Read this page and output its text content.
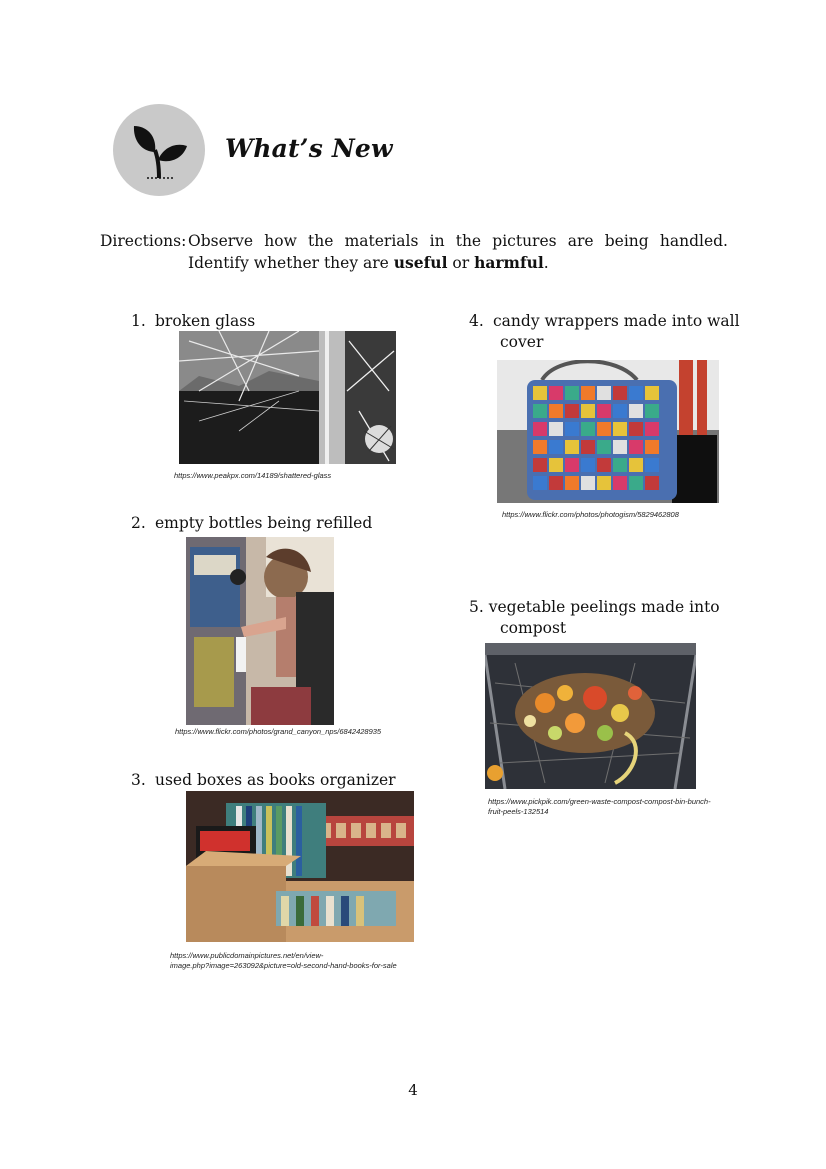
What’s New
Directions: Observe how the materials in the pictures are being handled. Identify whether they are useful or harmful.
1. broken glass
https://www.peakpx.com/14189/shattered-glass
2. empty bottles being refilled
https://www.flickr.com/photos/grand_canyon_nps/6842428935
3. used boxes as books organizer
https://www.publicdomainpictures.net/en/view-
image.php?image=263092&picture=old-second-hand-books-for-sale
4. candy wrappers made into wall
cover
https://www.flickr.com/photos/photogism/5829462808
5. vegetable peelings made into
compost
https://www.pickpik.com/green-waste-compost-compost-bin-bunch-
fruit-peels-132514
4
